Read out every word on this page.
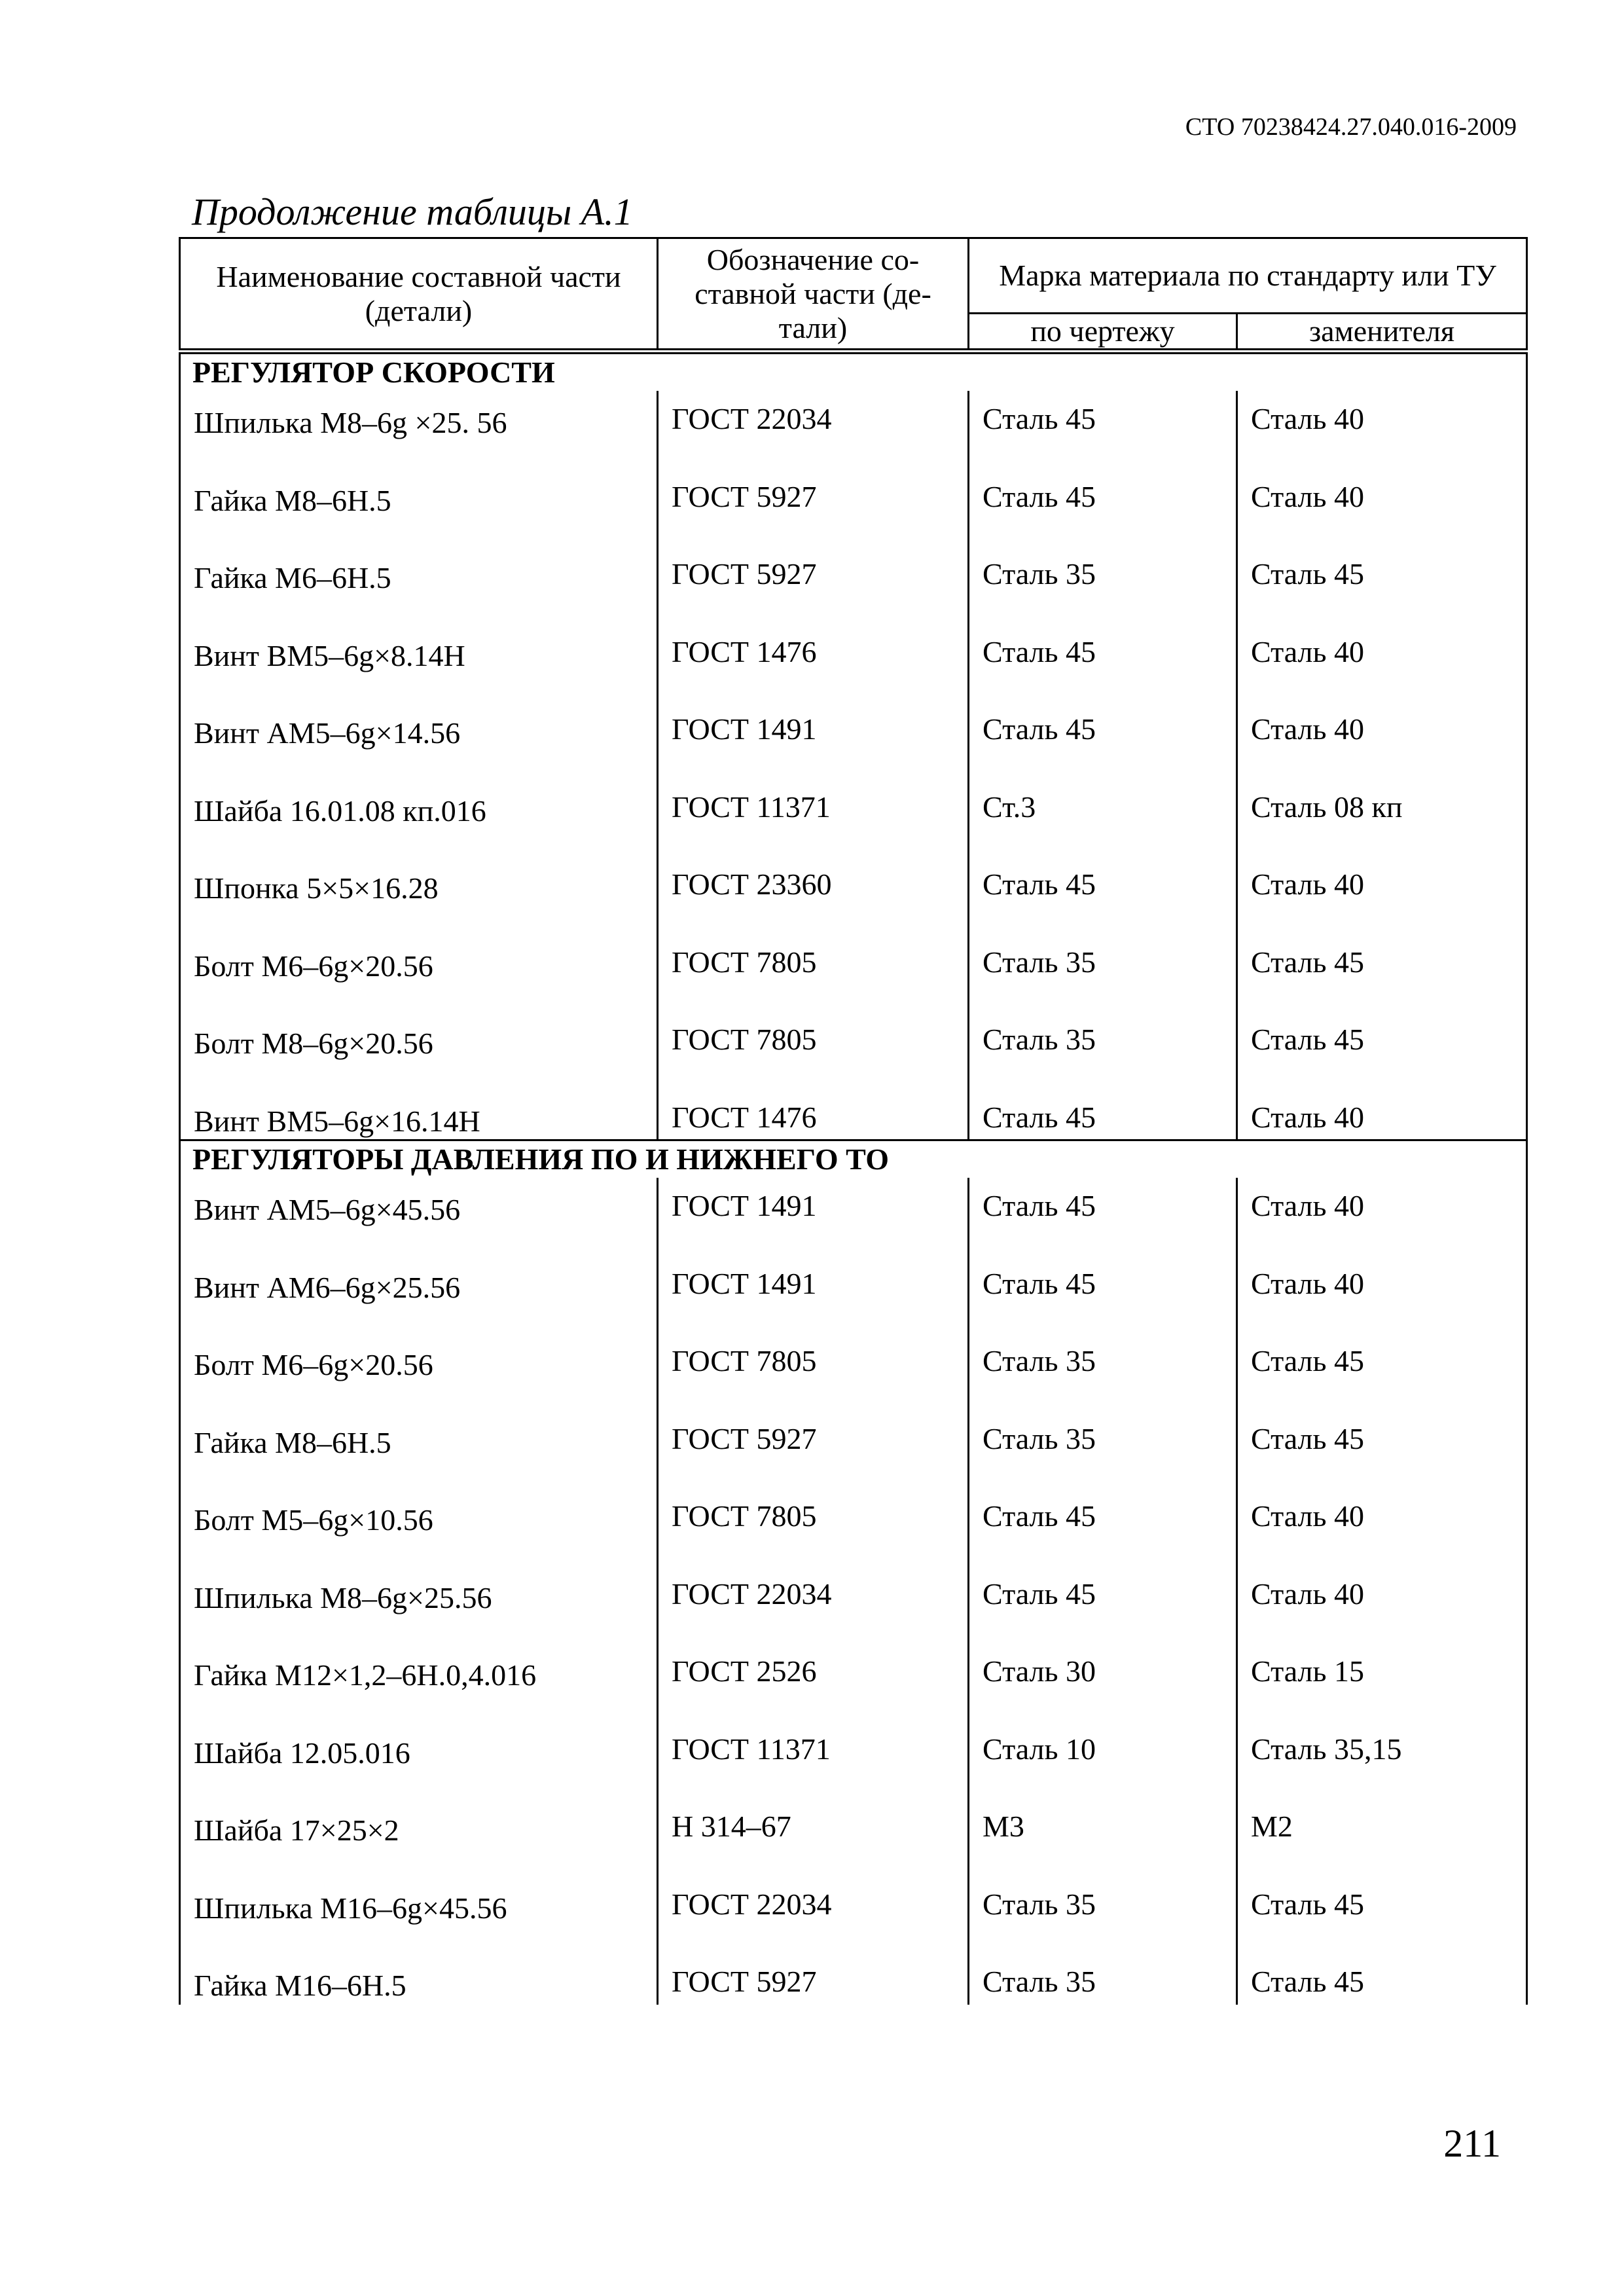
СТО 70238424.27.040.016-2009
Продолжение таблицы А.1
Наименование составной части (детали)	Обозначение со-ставной части (де-тали)	Марка материала по стандарту или ТУ	
		по чертежу	заменителя
РЕГУЛЯТОР СКОРОСТИ			
Шпилька М8–6g ×25. 56	ГОСТ 22034	Сталь 45	Сталь 40
Гайка М8–6Н.5	ГОСТ 5927	Сталь 45	Сталь 40
Гайка М6–6Н.5	ГОСТ 5927	Сталь 35	Сталь 45
Винт ВМ5–6g×8.14Н	ГОСТ 1476	Сталь 45	Сталь 40
Винт АМ5–6g×14.56	ГОСТ 1491	Сталь 45	Сталь 40
Шайба 16.01.08 кп.016	ГОСТ 11371	Ст.3	Сталь 08 кп
Шпонка 5×5×16.28	ГОСТ 23360	Сталь 45	Сталь 40
Болт М6–6g×20.56	ГОСТ 7805	Сталь 35	Сталь 45
Болт М8–6g×20.56	ГОСТ 7805	Сталь 35	Сталь 45
Винт ВМ5–6g×16.14Н	ГОСТ 1476	Сталь 45	Сталь 40
РЕГУЛЯТОРЫ ДАВЛЕНИЯ ПО И НИЖНЕГО ТО			
Винт АМ5–6g×45.56	ГОСТ 1491	Сталь 45	Сталь 40
Винт АМ6–6g×25.56	ГОСТ 1491	Сталь 45	Сталь 40
Болт М6–6g×20.56	ГОСТ 7805	Сталь 35	Сталь 45
Гайка М8–6Н.5	ГОСТ 5927	Сталь 35	Сталь 45
Болт М5–6g×10.56	ГОСТ 7805	Сталь 45	Сталь 40
Шпилька М8–6g×25.56	ГОСТ 22034	Сталь 45	Сталь 40
Гайка М12×1,2–6Н.0,4.016	ГОСТ 2526	Сталь 30	Сталь 15
Шайба 12.05.016	ГОСТ 11371	Сталь 10	Сталь 35,15
Шайба 17×25×2	Н 314–67	М3	М2
Шпилька М16–6g×45.56	ГОСТ 22034	Сталь 35	Сталь 45
Гайка М16–6Н.5	ГОСТ 5927	Сталь 35	Сталь 45
211
